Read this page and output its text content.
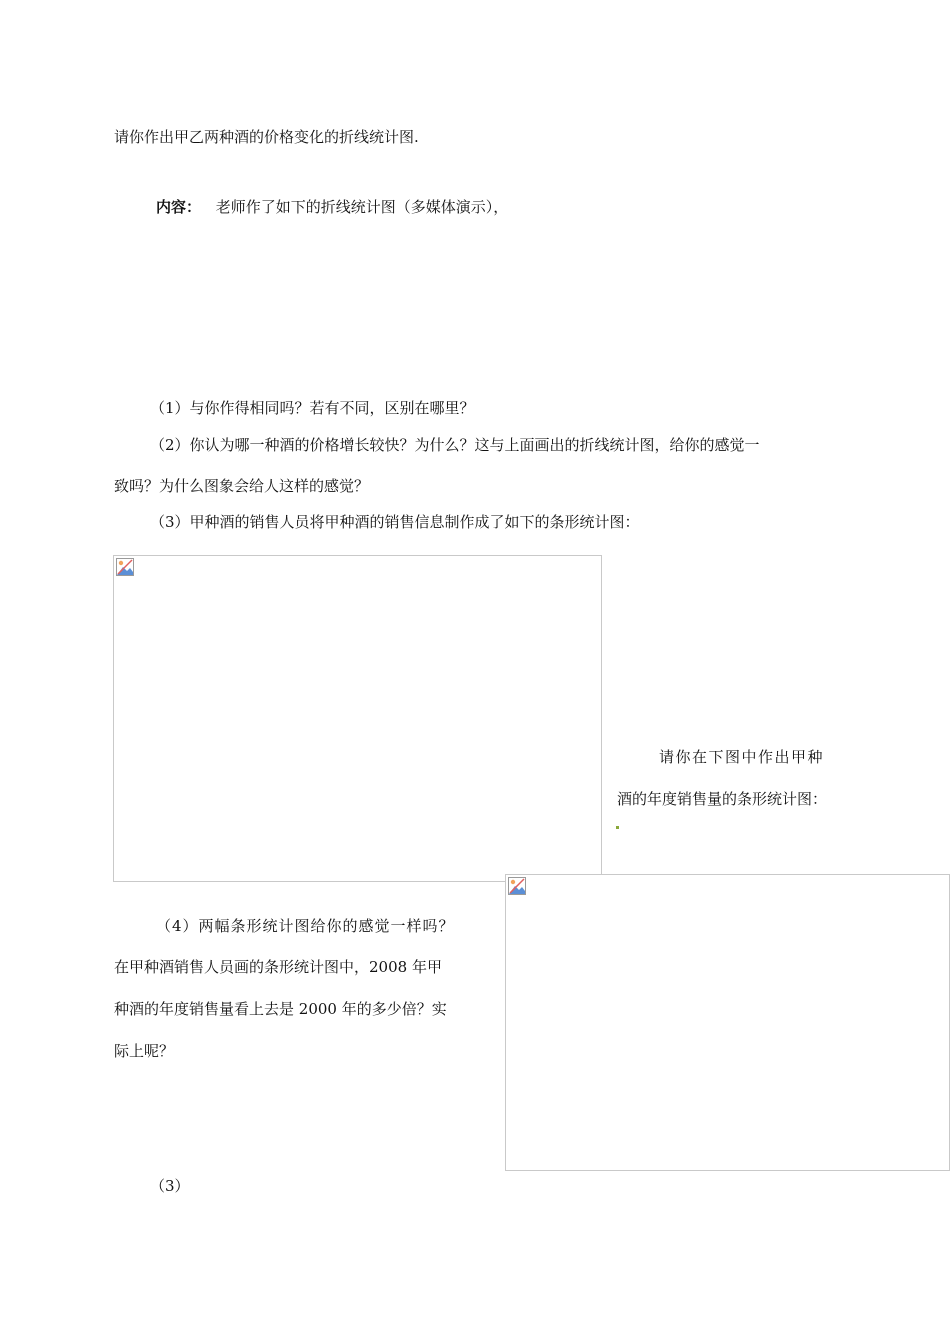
请你作出甲乙两种酒的价格变化的折线统计图.
内容： 老师作了如下的折线统计图（多媒体演示），
（1）与你作得相同吗？若有不同，区别在哪里？
（2）你认为哪一种酒的价格增长较快？为什么？这与上面画出的折线统计图，给你的感觉一
致吗？为什么图象会给人这样的感觉？
（3）甲种酒的销售人员将甲种酒的销售信息制作成了如下的条形统计图：
请你在下图中作出甲种
酒的年度销售量的条形统计图：
（4）两幅条形统计图给你的感觉一样吗？
在甲种酒销售人员画的条形统计图中，2008 年甲
种酒的年度销售量看上去是 2000 年的多少倍？实
际上呢？
（3）
